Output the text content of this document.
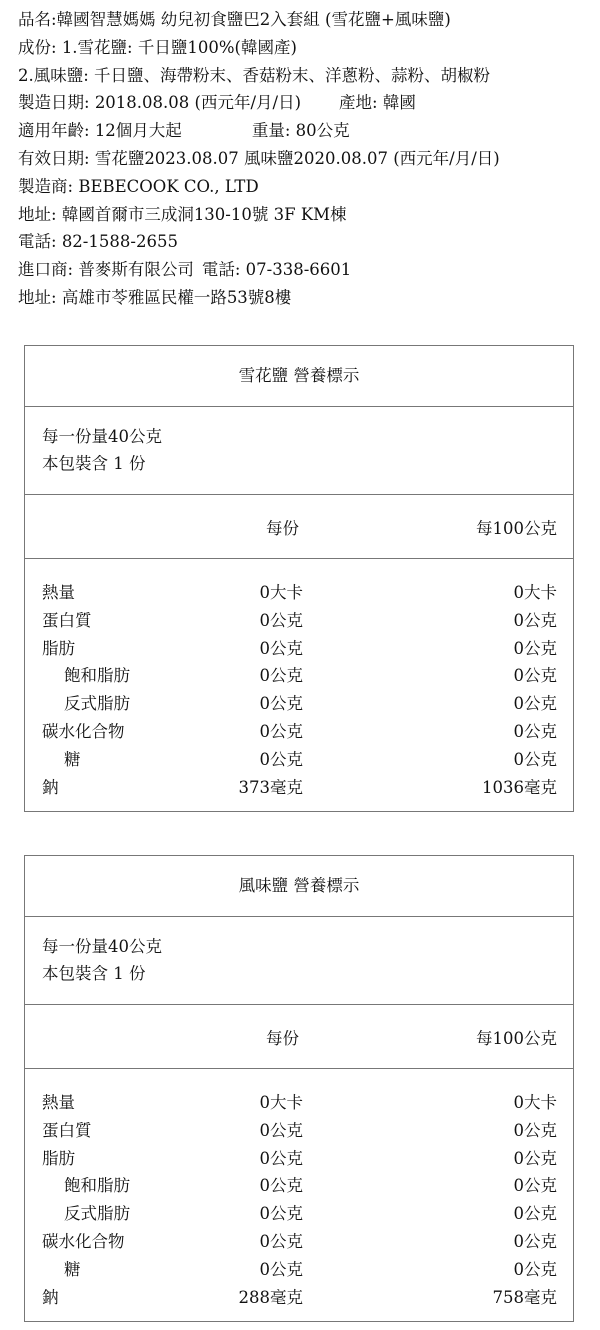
品名:韓國智慧媽媽 幼兒初食鹽巴2入套組 (雪花鹽+風味鹽)
成份: 1.雪花鹽: 千日鹽100%(韓國產)
2.風味鹽: 千日鹽、海帶粉末、香菇粉末、洋蔥粉、蒜粉、胡椒粉
製造日期: 2018.08.08 (西元年/月/日) 產地: 韓國
適用年齡: 12個月大起	重量: 80公克
有效日期: 雪花鹽2023.08.07 風味鹽2020.08.07 (西元年/月/日)
製造商: BEBECOOK CO., LTD
地址: 韓國首爾市三成洞130-10號 3F KM棟
電話: 82-1588-2655
進口商: 普麥斯有限公司 電話: 07-338-6601
地址: 高雄市苓雅區民權一路53號8樓
雪花鹽 營養標示
每一份量40公克
本包裝含 1 份
每份	每100公克
熱量	0大卡	0大卡
蛋白質	0公克	0公克
脂肪	0公克	0公克
飽和脂肪	0公克	0公克
反式脂肪	0公克	0公克
碳水化合物	0公克	0公克
糖	0公克	0公克
鈉	373毫克	1036毫克
風味鹽 營養標示
每一份量40公克
本包裝含 1 份
每份	每100公克
熱量	0大卡	0大卡
蛋白質	0公克	0公克
脂肪	0公克	0公克
飽和脂肪	0公克	0公克
反式脂肪	0公克	0公克
碳水化合物	0公克	0公克
糖	0公克	0公克
鈉	288毫克	758毫克
